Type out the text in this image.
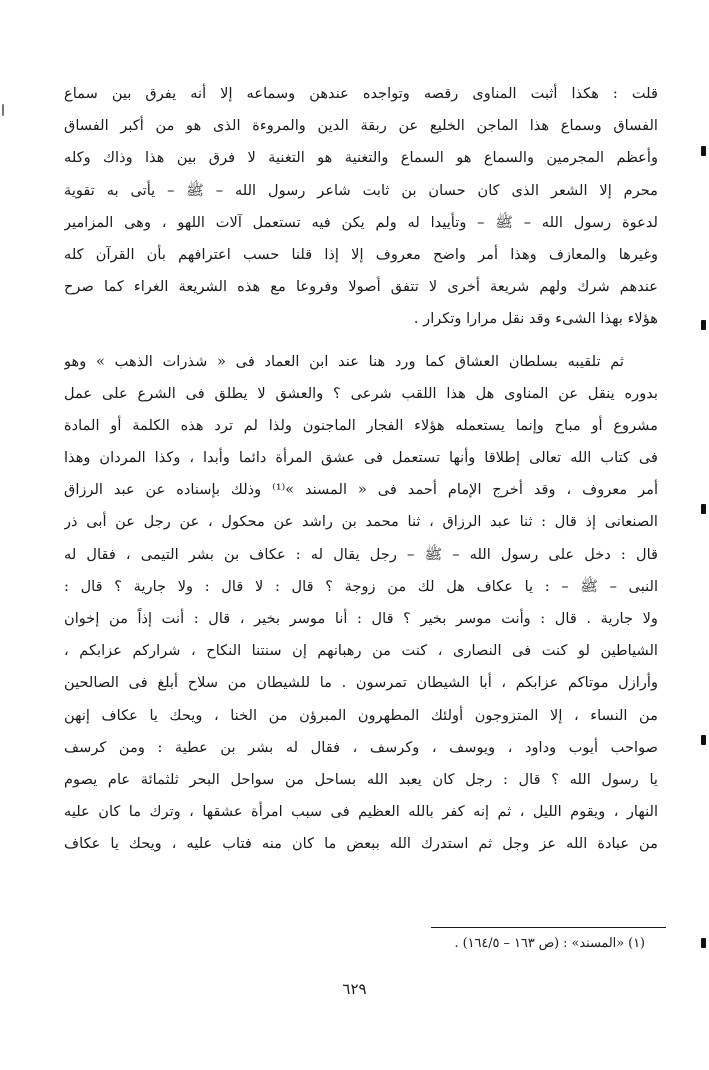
قلت : هكذا أثبت المناوى رقصه وتواجده عندهن وسماعه إلا أنه يفرق بين سماع
الفساق وسماع هذا الماجن الخليع عن ربقة الدين والمروءة الذى هو من أكبر الفساق
وأعظم المجرمين والسماع هو السماع والتغنية هو التغنية لا فرق بين هذا وذاك وكله
محرم إلا الشعر الذى كان حسان بن ثابت شاعر رسول الله – ﷺ – يأتى به تقوية
لدعوة رسول الله – ﷺ – وتأييدا له ولم يكن فيه تستعمل آلات اللهو ، وهى المزامير
وغيرها والمعازف وهذا أمر واضح معروف إلا إذا قلنا حسب اعترافهم بأن القرآن كله
عندهم شرك ولهم شريعة أخرى لا تتفق أصولا وفروعا مع هذه الشريعة الغراء كما صرح
هؤلاء بهذا الشىء وقد نقل مرارا وتكرار .
ثم تلقيبه بسلطان العشاق كما ورد هنا عند ابن العماد فى « شذرات الذهب » وهو
بدوره ينقل عن المناوى هل هذا اللقب شرعى ؟ والعشق لا يطلق فى الشرع على عمل
مشروع أو مباح وإنما يستعمله هؤلاء الفجار الماجنون ولذا لم ترد هذه الكلمة أو المادة
فى كتاب الله تعالى إطلاقا وأنها تستعمل فى عشق المرأة دائما وأبدا ، وكذا المردان وهذا
أمر معروف ، وقد أخرج الإمام أحمد فى « المسند »⁽¹⁾ وذلك بإسناده عن عبد الرزاق
الصنعانى إذ قال : ثنا عبد الرزاق ، ثنا محمد بن راشد عن محكول ، عن رجل عن أبى ذر
قال : دخل على رسول الله – ﷺ – رجل يقال له : عكاف بن بشر التيمى ، فقال له
النبى – ﷺ – : يا عكاف هل لك من زوجة ؟ قال : لا قال : ولا جارية ؟ قال :
ولا جارية . قال : وأنت موسر بخير ؟ قال : أنا موسر بخير ، قال : أنت إذاً من إخوان
الشياطين لو كنت فى النصارى ، كنت من رهبانهم إن سنتنا النكاح ، شراركم عزابكم ،
وأرازل موتاكم عزابكم ، أبا الشيطان تمرسون . ما للشيطان من سلاح أبلغ فى الصالحين
من النساء ، إلا المتزوجون أولئك المطهرون المبرؤن من الخنا ، ويحك يا عكاف إنهن
صواحب أيوب وداود ، ويوسف ، وكرسف ، فقال له بشر بن عطية : ومن كرسف
يا رسول الله ؟ قال : رجل كان يعبد الله بساحل من سواحل البحر ثلثمائة عام يصوم
النهار ، ويقوم الليل ، ثم إنه كفر بالله العظيم فى سبب امرأة عشقها ، وترك ما كان عليه
من عبادة الله عز وجل ثم استدرك الله ببعض ما كان منه فتاب عليه ، ويحك يا عكاف
(١) «المسند» : (ص ١٦٣ – ١٦٤/٥) .
٦٢٩
